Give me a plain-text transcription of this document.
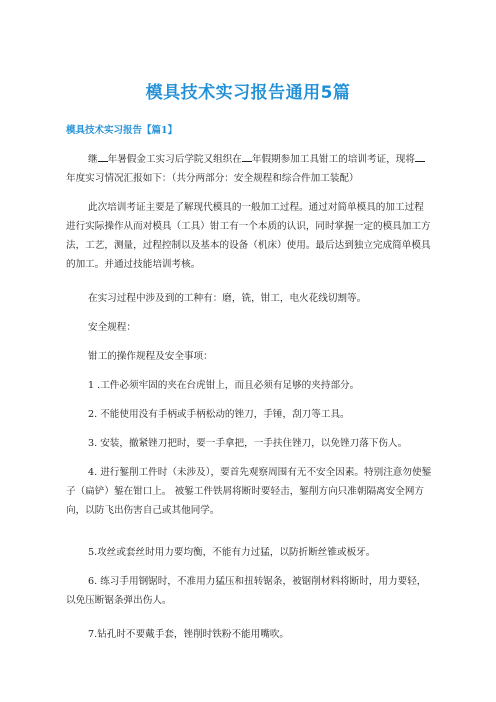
模具技术实习报告通用5篇
模具技术实习报告【篇1】

继 年暑假金工实习后学院又组织在 年假期参加工具钳工的培训考证，现将年度实习情况汇报如下：（共分两部分：安全规程和综合件加工装配）

此次培训考证主要是了解现代模具的一般加工过程。通过对简单模具的加工过程进行实际操作从而对模具（工具）钳工有一个本质的认识，同时掌握一定的模具加工方法，工艺，测量，过程控制以及基本的设备（机床）使用。最后达到独立完成简单模具的加工。并通过技能培训考核。

在实习过程中涉及到的工种有：磨，铣，钳工，电火花线切割等。

安全规程：

钳工的操作规程及安全事项：

1 .工件必须牢固的夹在台虎钳上，而且必须有足够的夹持部分。

2. 不能使用没有手柄或手柄松动的锉刀，手锤，刮刀等工具。

3. 安装，撤紧锉刀把时，要一手拿把，一手扶住锉刀，以免锉刀落下伤人。

4. 进行錾削工件时（未涉及），要首先观察周围有无不安全因素。特别注意勿使錾子（扁铲）錾在钳口上。 被錾工件铁屑将断时要轻击，錾削方向只准朝隔离安全网方向，以防飞出伤害自己或其他同学。

5.攻丝或套丝时用力要均衡，不能有力过猛，以防折断丝锥或板牙。

6. 练习手用钢锯时，不准用力猛压和扭转锯条，被锯削材料将断时，用力要轻，以免压断锯条弹出伤人。

7.钻孔时不要戴手套，锉削时铁粉不能用嘴吹。
